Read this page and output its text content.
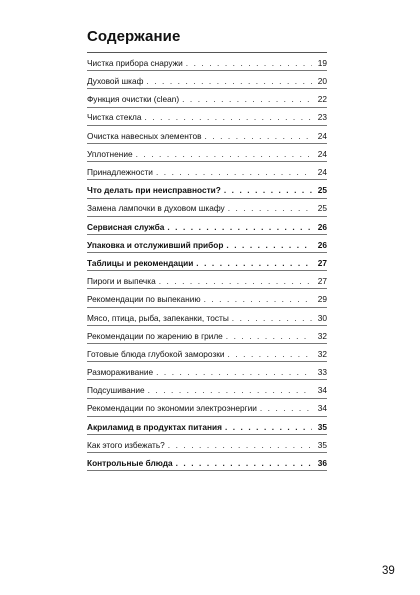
Содержание
Чистка прибора снаружи . . .	19
Духовой шкаф . . .	20
Функция очистки (clean) . . .	22
Чистка стекла . . .	23
Очистка навесных элементов . . .	24
Уплотнение . . .	24
Принадлежности . . .	24
Что делать при неисправности? . . .	25
Замена лампочки в духовом шкафу . . .	25
Сервисная служба . . .	26
Упаковка и отслуживший прибор . . .	26
Таблицы и рекомендации . . .	27
Пироги и выпечка . . .	27
Рекомендации по выпеканию . . .	29
Мясо, птица, рыба, запеканки, тосты . . .	30
Рекомендации по жарению в гриле . . .	32
Готовые блюда глубокой заморозки . . .	32
Размораживание . . .	33
Подсушивание . . .	34
Рекомендации по экономии электроэнергии . . .	34
Акриламид в продуктах питания . . .	35
Как этого избежать? . . .	35
Контрольные блюда . . .	36
39
